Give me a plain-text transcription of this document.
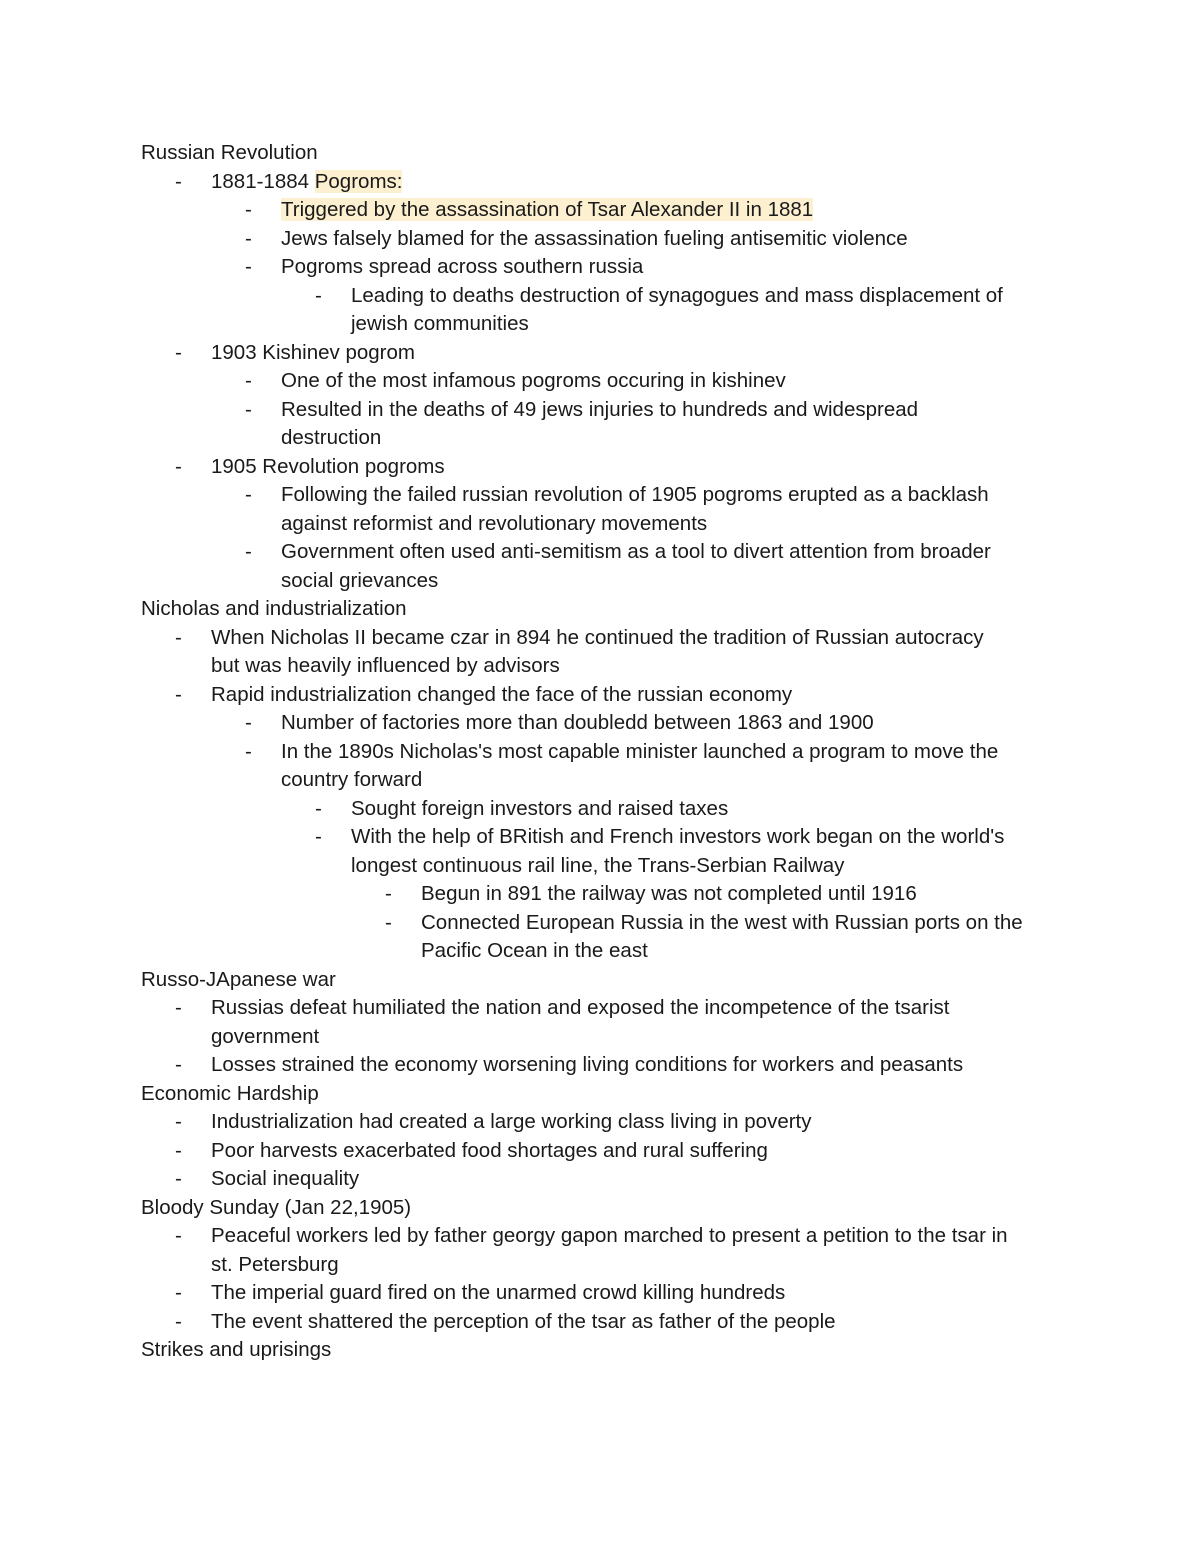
Russian Revolution
- 1881-1884 Pogroms:
- Triggered by the assassination of Tsar Alexander II in 1881
- Jews falsely blamed for the assassination fueling antisemitic violence
- Pogroms spread across southern russia
- Leading to deaths destruction of synagogues and mass displacement of
jewish communities
- 1903 Kishinev pogrom
- One of the most infamous pogroms occuring in kishinev
- Resulted in the deaths of 49 jews injuries to hundreds and widespread
destruction
- 1905 Revolution pogroms
- Following the failed russian revolution of 1905 pogroms erupted as a backlash
against reformist and revolutionary movements
- Government often used anti-semitism as a tool to divert attention from broader
social grievances
Nicholas and industrialization
- When Nicholas II became czar in 894 he continued the tradition of Russian autocracy
but was heavily influenced by advisors
- Rapid industrialization changed the face of the russian economy
- Number of factories more than doubledd between 1863 and 1900
- In the 1890s Nicholas's most capable minister launched a program to move the
country forward
- Sought foreign investors and raised taxes
- With the help of BRitish and French investors work began on the world's
longest continuous rail line, the Trans-Serbian Railway
- Begun in 891 the railway was not completed until 1916
- Connected European Russia in the west with Russian ports on the
Pacific Ocean in the east
Russo-JApanese war
- Russias defeat humiliated the nation and exposed the incompetence of the tsarist
government
- Losses strained the economy worsening living conditions for workers and peasants
Economic Hardship
- Industrialization had created a large working class living in poverty
- Poor harvests exacerbated food shortages and rural suffering
- Social inequality
Bloody Sunday (Jan 22,1905)
- Peaceful workers led by father georgy gapon marched to present a petition to the tsar in
st. Petersburg
- The imperial guard fired on the unarmed crowd killing hundreds
- The event shattered the perception of the tsar as father of the people
Strikes and uprisings
